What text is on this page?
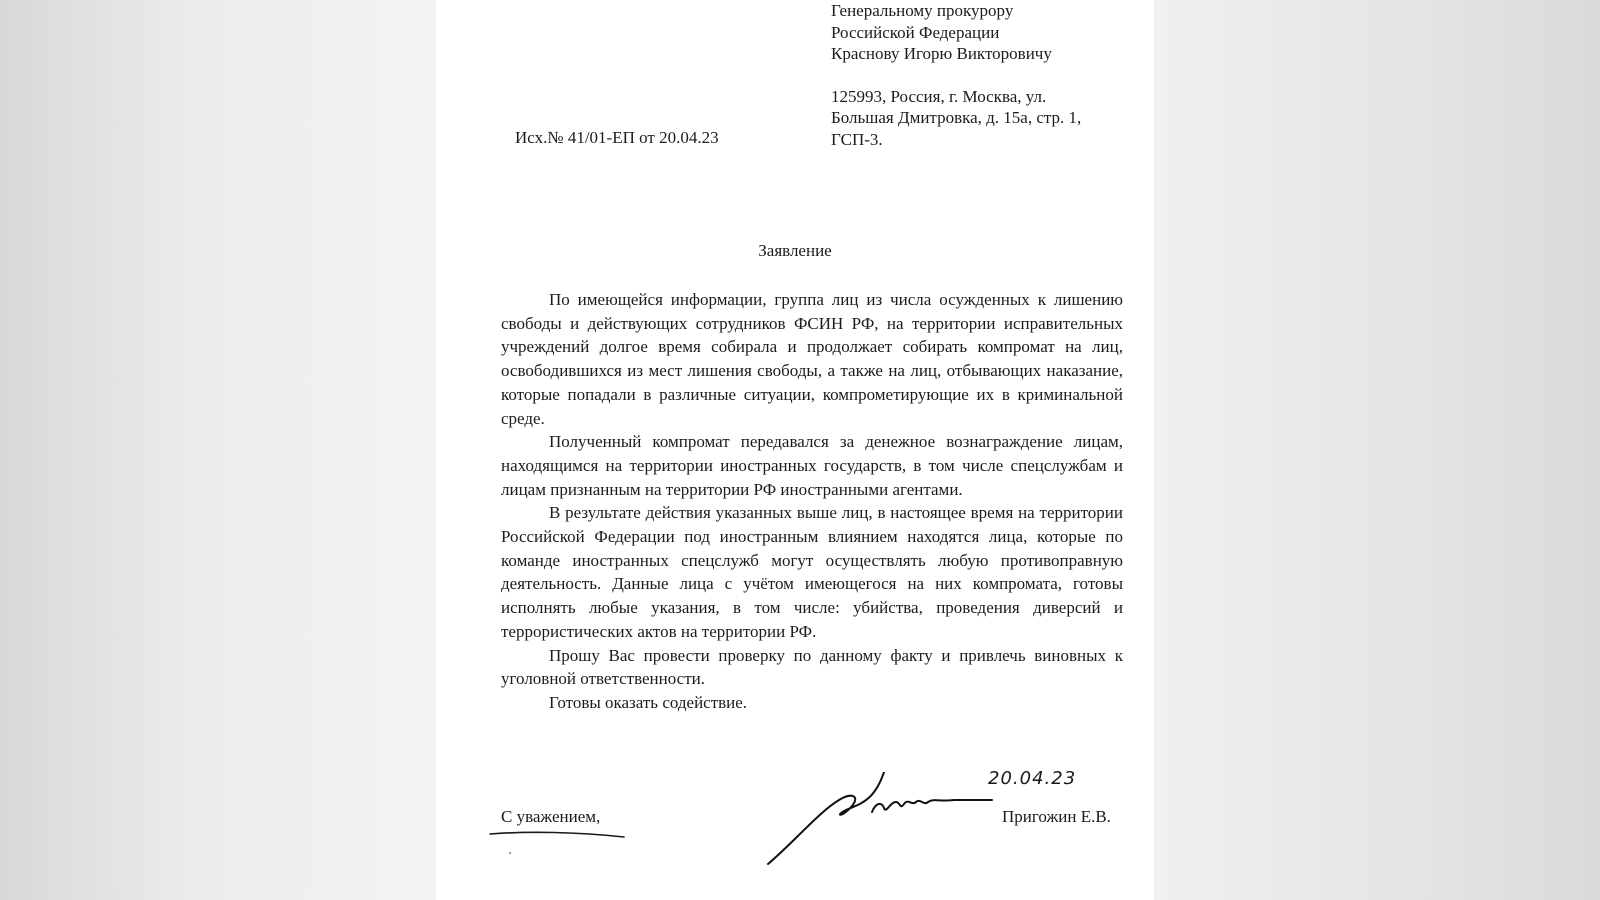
Генеральному прокурору
Российской Федерации
Краснову Игорю Викторовичу
125993, Россия, г. Москва, ул.
Большая Дмитровка, д. 15а, стр. 1,
ГСП-3.
Исх.№ 41/01-ЕП от 20.04.23
Заявление

По имеющейся информации, группа лиц из числа осужденных к лишению свободы и действующих сотрудников ФСИН РФ, на территории исправительных учреждений долгое время собирала и продолжает собирать компромат на лиц, освободившихся из мест лишения свободы, а также на лиц, отбывающих наказание, которые попадали в различные ситуации, компрометирующие их в криминальной среде.

Полученный компромат передавался за денежное вознаграждение лицам, находящимся на территории иностранных государств, в том числе спецслужбам и лицам признанным на территории РФ иностранными агентами.

В результате действия указанных выше лиц, в настоящее время на территории Российской Федерации под иностранным влиянием находятся лица, которые по команде иностранных спецслужб могут осуществлять любую противоправную деятельность. Данные лица с учётом имеющегося на них компромата, готовы исполнять любые указания, в том числе: убийства, проведения диверсий и террористических актов на территории РФ.

Прошу Вас провести проверку по данному факту и привлечь виновных к уголовной ответственности.

Готовы оказать содействие.

С уважением,
20.04.23
Пригожин Е.В.
